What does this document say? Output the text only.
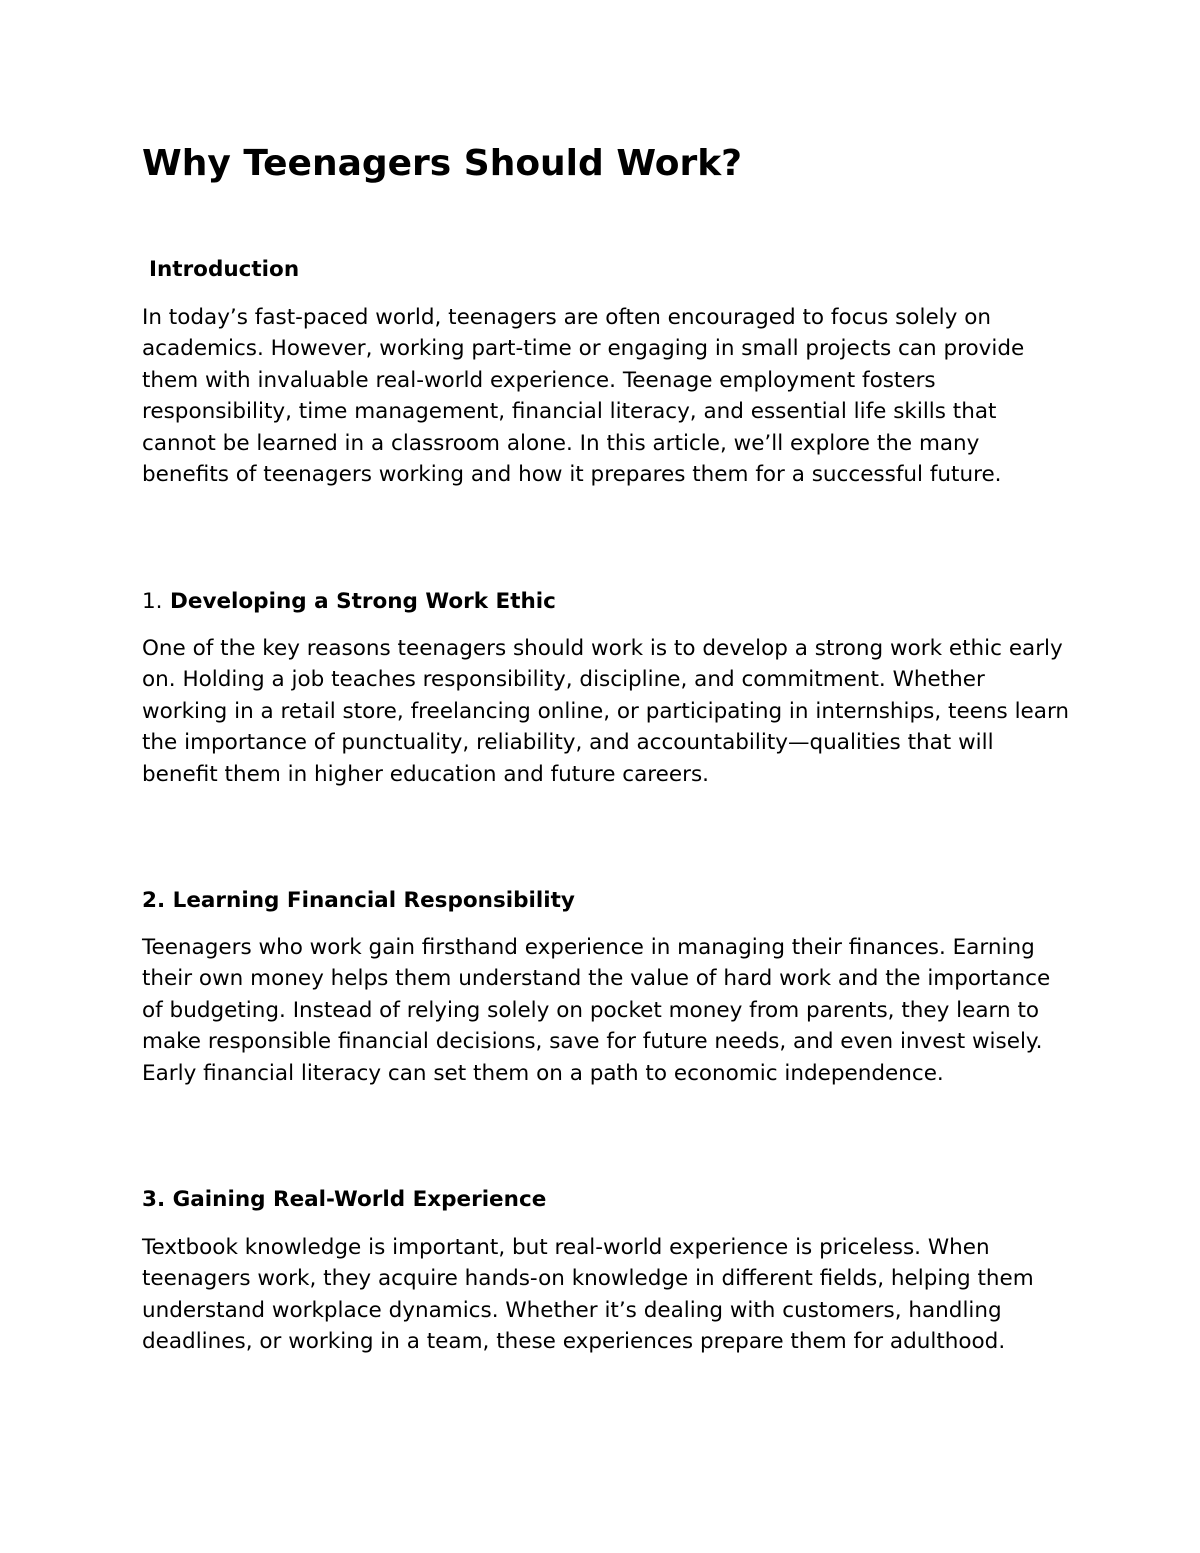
Why Teenagers Should Work?
Introduction

In today’s fast-paced world, teenagers are often encouraged to focus solely on academics. However, working part-time or engaging in small projects can provide them with invaluable real-world experience. Teenage employment fosters responsibility, time management, financial literacy, and essential life skills that cannot be learned in a classroom alone. In this article, we’ll explore the many benefits of teenagers working and how it prepares them for a successful future.

1. Developing a Strong Work Ethic

One of the key reasons teenagers should work is to develop a strong work ethic early on. Holding a job teaches responsibility, discipline, and commitment. Whether working in a retail store, freelancing online, or participating in internships, teens learn the importance of punctuality, reliability, and accountability—qualities that will benefit them in higher education and future careers.

2. Learning Financial Responsibility

Teenagers who work gain firsthand experience in managing their finances. Earning their own money helps them understand the value of hard work and the importance of budgeting. Instead of relying solely on pocket money from parents, they learn to make responsible financial decisions, save for future needs, and even invest wisely. Early financial literacy can set them on a path to economic independence.

3. Gaining Real-World Experience

Textbook knowledge is important, but real-world experience is priceless. When teenagers work, they acquire hands-on knowledge in different fields, helping them understand workplace dynamics. Whether it’s dealing with customers, handling deadlines, or working in a team, these experiences prepare them for adulthood.
